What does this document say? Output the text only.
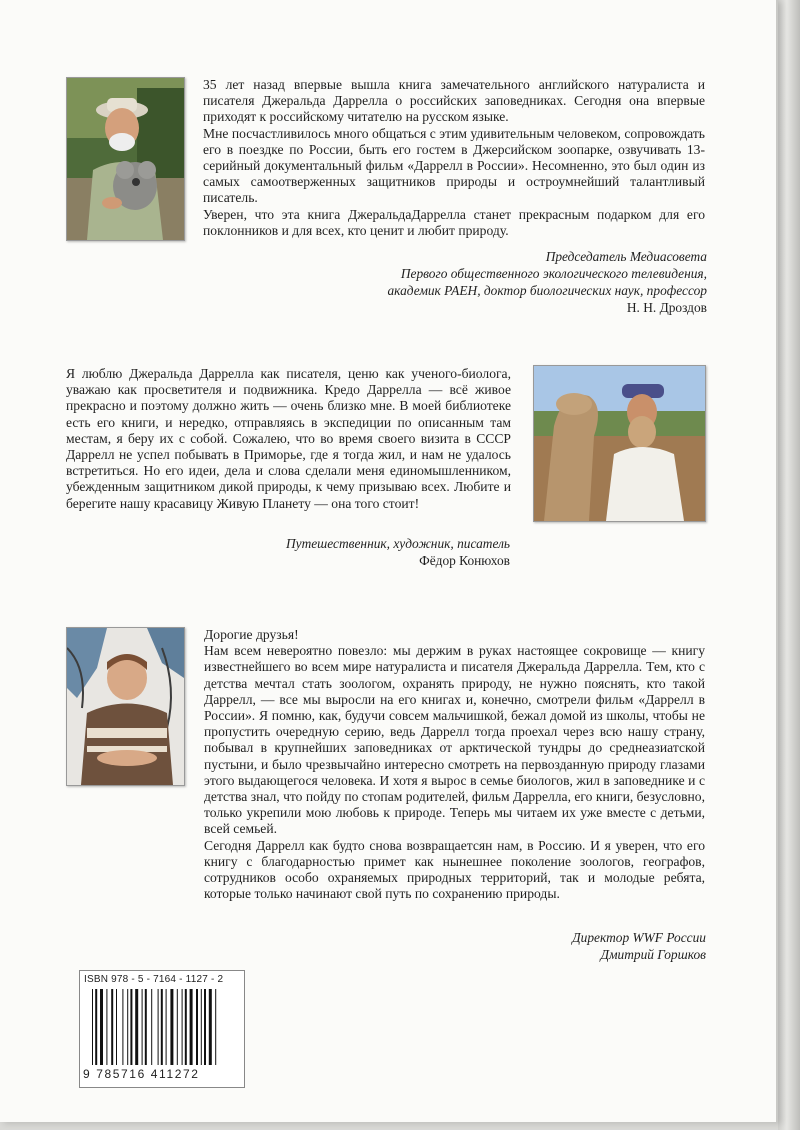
35 лет назад впервые вышла книга замечательного английского натуралиста и писателя Джеральда Даррелла о российских заповедниках. Сегодня она впервые приходят к российскому читателю на русском языке.

Мне посчастливилось много общаться с этим удивительным человеком, сопровождать его в поездке по России, быть его гостем в Джерсийском зоопарке, озвучивать 13-серийный документальный фильм «Даррелл в России». Несомненно, это был один из самых самоотверженных защитников природы и остроумнейший талантливый писатель.

Уверен, что эта книга ДжеральдаДаррелла станет прекрасным подарком для его поклонников и для всех, кто ценит и любит природу.

Председатель Медиасовета
Первого общественного экологического телевидения,
академик РАЕН, доктор биологических наук, профессор
Н. Н. Дроздов

Я люблю Джеральда Даррелла как писателя, ценю как ученого-биолога, уважаю как просветителя и подвижника. Кредо Даррелла — всё живое прекрасно и поэтому должно жить — очень близко мне. В моей библиотеке есть его книги, и нередко, отправляясь в экспедиции по описанным там местам, я беру их с собой. Сожалею, что во время своего визита в СССР Даррелл не успел побывать в Приморье, где я тогда жил, и нам не удалось встретиться. Но его идеи, дела и слова сделали меня единомышленником, убежденным защитником дикой природы, к чему призываю всех. Любите и берегите нашу красавицу Живую Планету — она того стоит!

Путешественник, художник, писатель
Фёдор Конюхов

Дорогие друзья!

Нам всем невероятно повезло: мы держим в руках настоящее сокровище — книгу известнейшего во всем мире натуралиста и писателя Джеральда Даррелла. Тем, кто с детства мечтал стать зоологом, охранять природу, не нужно пояснять, кто такой Даррелл, — все мы выросли на его книгах и, конечно, смотрели фильм «Даррелл в России». Я помню, как, будучи совсем мальчишкой, бежал домой из школы, чтобы не пропустить очередную серию, ведь Даррелл тогда проехал через всю нашу страну, побывал в крупнейших заповедниках от арктической тундры до среднеазиатской пустыни, и было чрезвычайно интересно смотреть на первозданную природу глазами этого выдающегося человека. И хотя я вырос в семье биологов, жил в заповеднике и с детства знал, что пойду по стопам родителей, фильм Даррелла, его книги, безусловно, только укрепили мою любовь к природе. Теперь мы читаем их уже вместе с детьми, всей семьей.

Сегодня Даррелл как будто снова возвращаетсян нам, в Россию. И я уверен, что его книгу с благодарностью примет как нынешнее поколение зоологов, географов, сотрудников особо охраняемых природных территорий, так и молодые ребята, которые только начинают свой путь по сохранению природы.

Директор WWF России
Дмитрий Горшков
ISBN 978 - 5 - 7164 - 1127 - 2
9 785716 411272
